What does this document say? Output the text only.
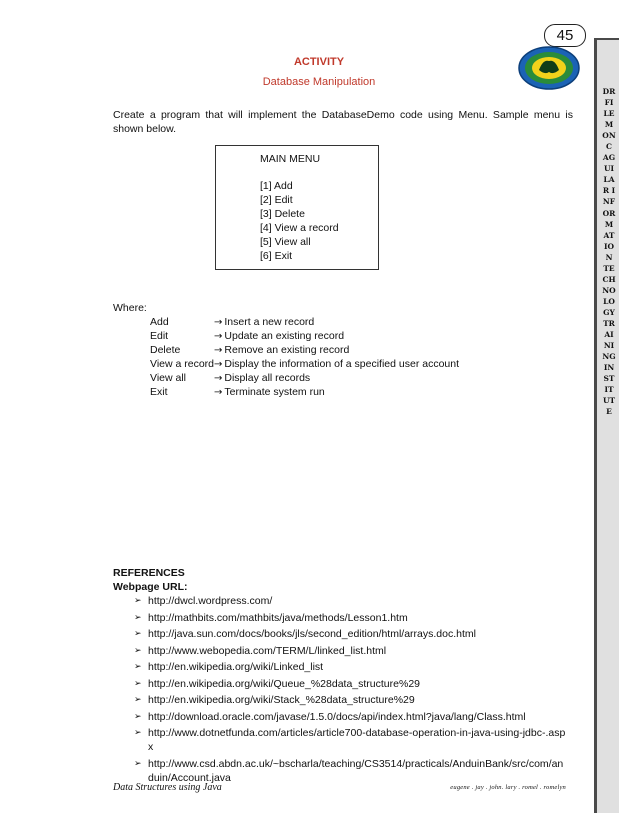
45
DR FILEMON C AGUILAR INFORMATION TECHNOLOGY TRAINING INSTITUTE
ACTIVITY
Database Manipulation
Create a program that will implement the DatabaseDemo code using Menu. Sample menu is shown below.
MAIN MENU
[1] Add
[2] Edit
[3] Delete
[4] View a record
[5] View all
[6] Exit
Where:
Add	→ Insert a new record
Edit	→ Update an existing record
Delete	→ Remove an existing record
View a record→ Display the information of a specified user account
View all	→ Display all records
Exit	→ Terminate system run
REFERENCES
Webpage URL:
➢ http://dwcl.wordpress.com/
➢ http://mathbits.com/mathbits/java/methods/Lesson1.htm
➢ http://java.sun.com/docs/books/jls/second_edition/html/arrays.doc.html
➢ http://www.webopedia.com/TERM/L/linked_list.html
➢ http://en.wikipedia.org/wiki/Linked_list
➢ http://en.wikipedia.org/wiki/Queue_%28data_structure%29
➢ http://en.wikipedia.org/wiki/Stack_%28data_structure%29
➢ http://download.oracle.com/javase/1.5.0/docs/api/index.html?java/lang/Class.html
➢ http://www.dotnetfunda.com/articles/article700-database-operation-in-java-using-jdbc-.aspx
➢ http://www.csd.abdn.ac.uk/~bscharla/teaching/CS3514/practicals/AnduinBank/src/com/anduin/Account.java
Data Structures using Java	eugene . jay . john. lary . romel . romelyn
